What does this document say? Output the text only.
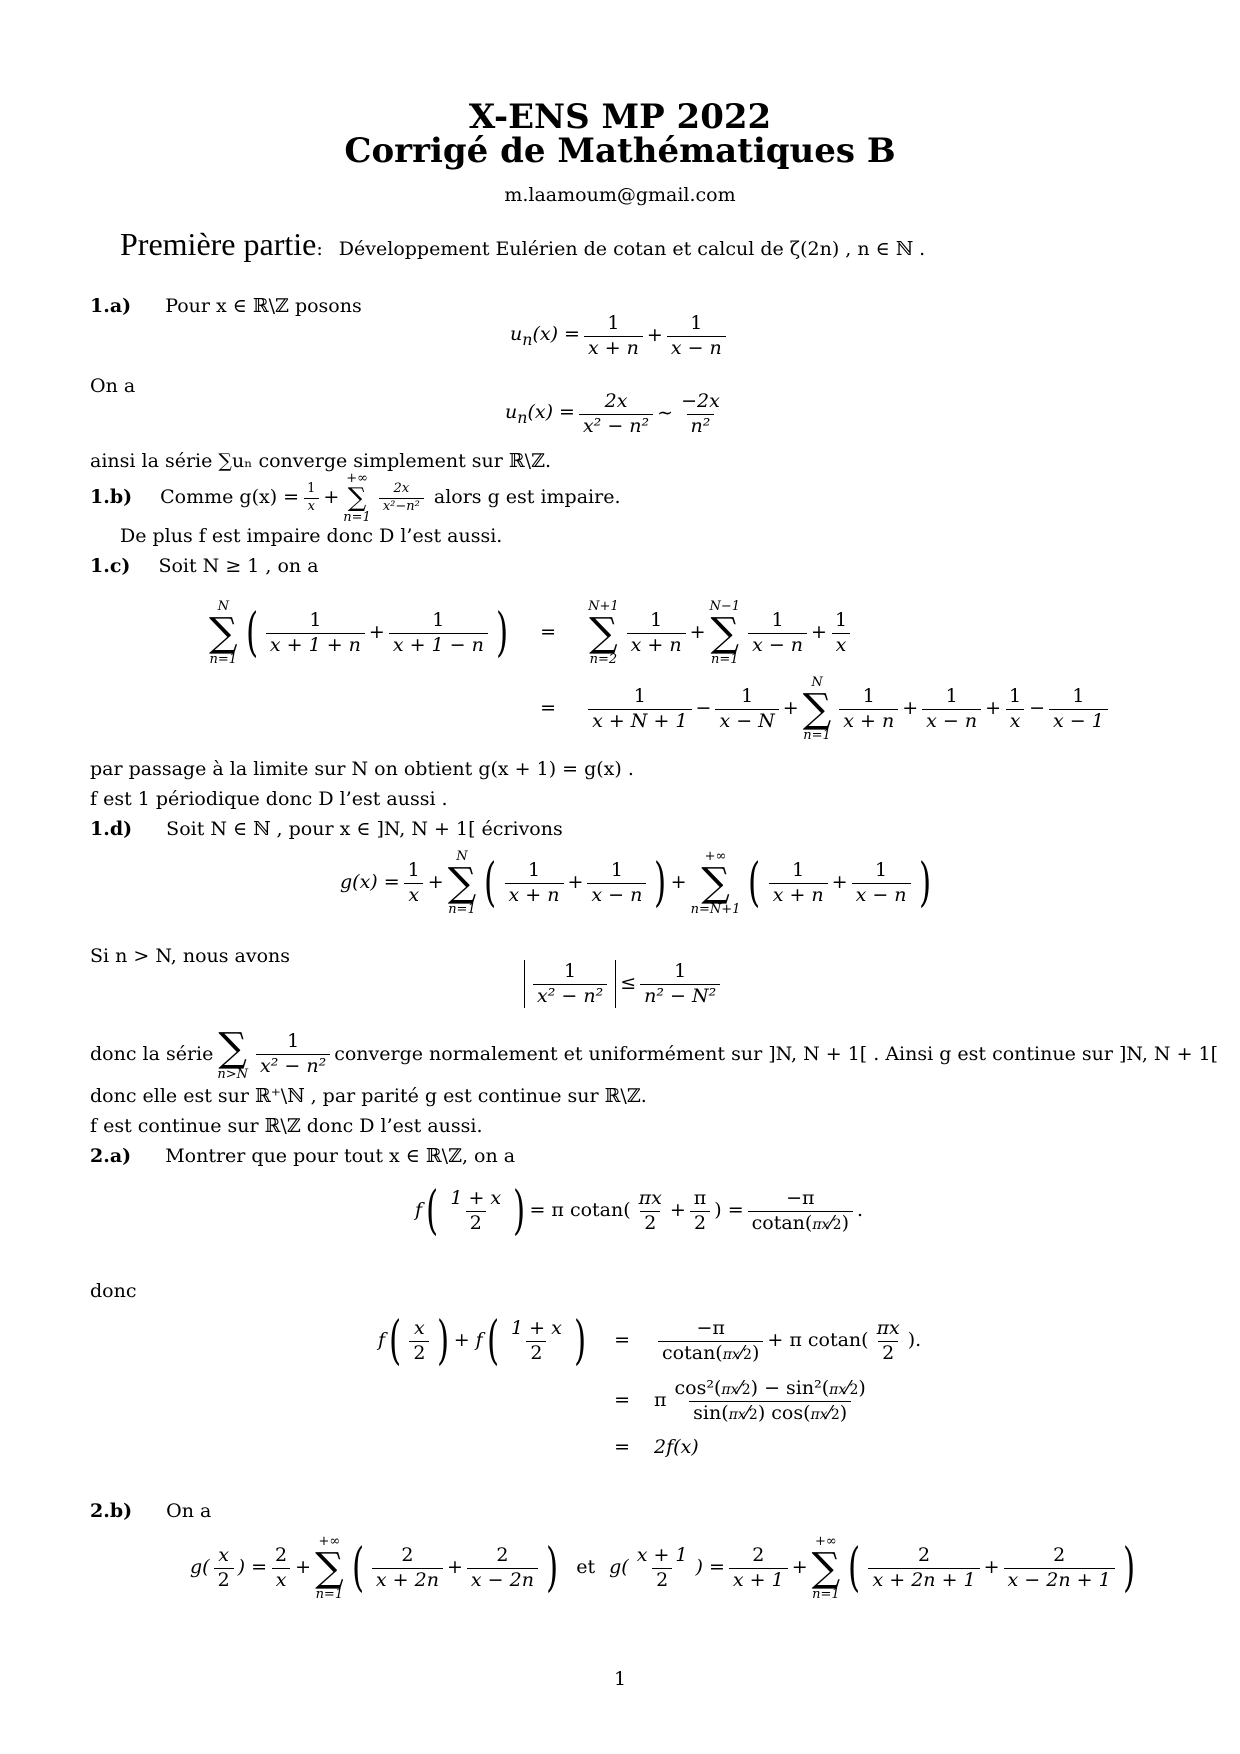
X-ENS MP 2022
Corrigé de Mathématiques B
m.laamoum@gmail.com
Première partie: Développement Eulérien de cotan et calcul de ζ(2n) , n ∈ ℕ .
1.a) Pour x ∈ ℝ\ℤ posons
$u_n(x) = \frac{1}{x + n} + \frac{1}{x - n}$
On a
$u_n(x) = \frac{2x}{\text{x² − n²}}$ ∼ $\frac{-2x}{\text{n²}}$
ainsi la série ∑uₙ converge simplement sur ℝ\ℤ.
1.b) Comme $g(x) = \frac{1}{x}$ +
+∞
∑
n=1
$\frac{2x}{\text{x²−n²}}$ alors g est impaire.
De plus f est impaire donc D l’est aussi.
1.c) Soit N ≥ 1 , on a
N
∑
n=1 ( $\frac{1}{x + 1 + n} + \frac{1}{x + 1 - n}$ ) =
N+1
∑
n=2
$\frac{1}{x + n}$ +
N−1
∑
n=1
$\frac{1}{x - n} + \frac{1}{x}$
= $\frac{1}{x + N + 1} - \frac{1}{x - N}$ +
N
∑
n=1
$\frac{1}{x + n} + \frac{1}{x - n} + \frac{1}{x} - \frac{1}{x - 1}$
par passage à la limite sur N on obtient g(x + 1) = g(x) .
f est 1 périodique donc D l’est aussi .
1.d) Soit N ∈ ℕ , pour x ∈ ]N, N + 1[ écrivons
$g(x) = \frac{1}{x}$ +
N
∑
n=1 ( $\frac{1}{x + n} + \frac{1}{x - n}$ ) +
+∞
∑
n=N+1 ( $\frac{1}{x + n} + \frac{1}{x - n}$ )
Si n > N, nous avons
$\frac{1}{\text{x² − n²}} \le \frac{1}{\text{n² − N²}}$
donc la série ∑
$n>N \frac{1}{\text{x² − n²}}$ converge normalement et uniformément sur ]N, N + 1[ . Ainsi g est continue sur ]N, N + 1[
donc elle est sur ℝ⁺\ℕ , par parité g est continue sur ℝ\ℤ.
f est continue sur ℝ\ℤ donc D l’est aussi.
2.a) Montrer que pour tout x ∈ ℝ\ℤ, on a
f ( $\frac{1 + x}{2}$ ) = π $cotan( \frac{\pi x}{2} + \frac{\pi}{2}$ ) = $\frac{-\pi}{cotan(\pi x⁄2)}$ .
donc
f ( $\frac{x}{2}$ ) + f ( $\frac{1 + x}{2}$ ) = $\frac{-\pi}{cotan(\pi x⁄2)} + \pi$ $cotan( \frac{\pi x}{2}$ ).
= π $\frac{\text{cos²(πx⁄2) − sin²(πx⁄2)}}{\sin(\pi x⁄2) \cos(\pi x⁄2)}$
= 2f(x)
2.b) On a
$g( \frac{x}{2}$ ) = $\frac{2}{x}$ +
+∞
∑
n=1 ( $\frac{2}{x + 2n} + \frac{2}{x - 2n}$ ) et $g( \frac{x + 1}{2}$ ) = $\frac{2}{x + 1}$ +
+∞
∑
n=1 ( $\frac{2}{x + 2n + 1} + \frac{2}{x - 2n + 1}$ )
1
